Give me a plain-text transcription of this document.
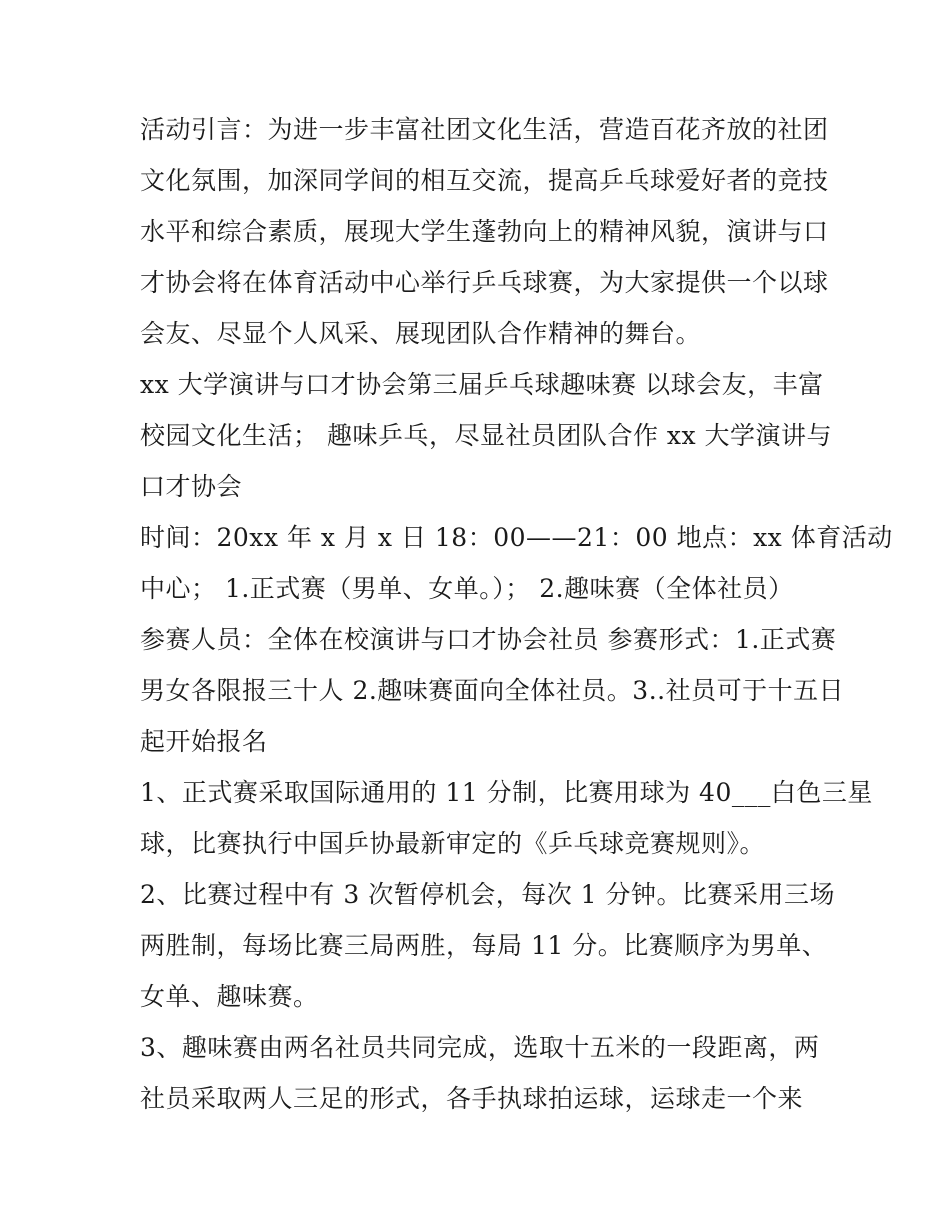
活动引言：为进一步丰富社团文化生活，营造百花齐放的社团
文化氛围，加深同学间的相互交流，提高乒乓球爱好者的竞技
水平和综合素质，展现大学生蓬勃向上的精神风貌，演讲与口
才协会将在体育活动中心举行乒乓球赛，为大家提供一个以球
会友、尽显个人风采、展现团队合作精神的舞台。
xx 大学演讲与口才协会第三届乒乓球趣味赛 以球会友，丰富
校园文化生活； 趣味乒乓，尽显社员团队合作 xx 大学演讲与
口才协会
时间：20xx 年 x 月 x 日 18：00——21：00 地点：xx 体育活动
中心； 1.正式赛（男单、女单。）； 2.趣味赛（全体社员）
参赛人员：全体在校演讲与口才协会社员 参赛形式：1.正式赛
男女各限报三十人 2.趣味赛面向全体社员。3..社员可于十五日
起开始报名
1、正式赛采取国际通用的 11 分制，比赛用球为 40___白色三星
球，比赛执行中国乒协最新审定的《乒乓球竞赛规则》。
2、比赛过程中有 3 次暂停机会，每次 1 分钟。比赛采用三场
两胜制，每场比赛三局两胜，每局 11 分。比赛顺序为男单、
女单、趣味赛。
3、趣味赛由两名社员共同完成，选取十五米的一段距离，两
社员采取两人三足的形式，各手执球拍运球，运球走一个来
